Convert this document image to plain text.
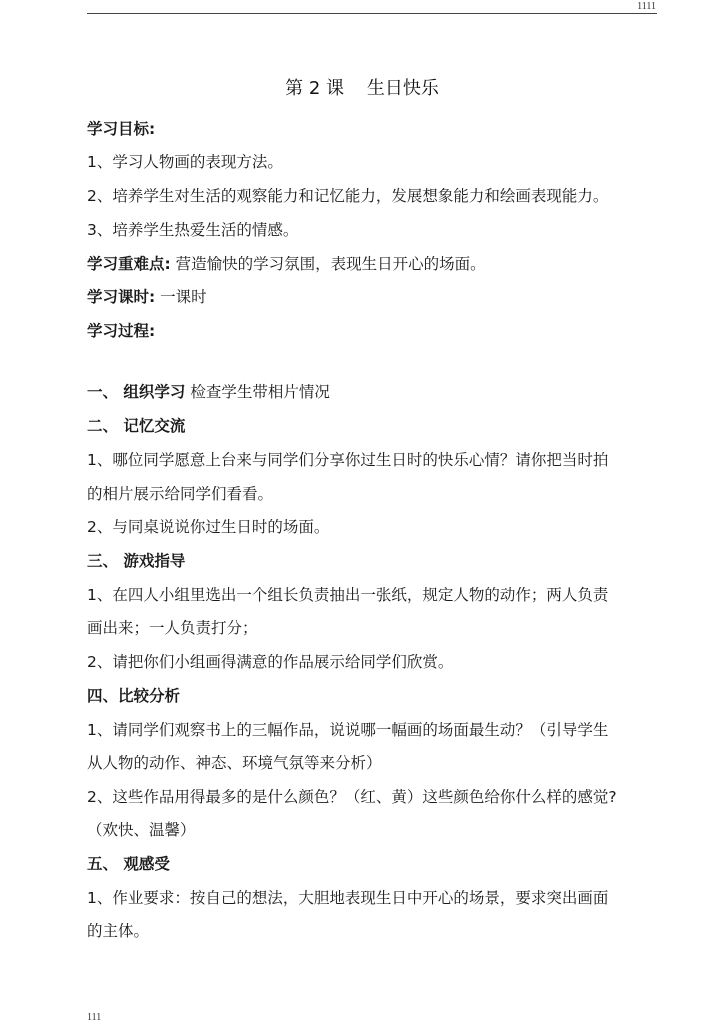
1111
第 2 课    生日快乐
学习目标:
1、学习人物画的表现方法。
2、培养学生对生活的观察能力和记忆能力，发展想象能力和绘画表现能力。
3、培养学生热爱生活的情感。
学习重难点: 营造愉快的学习氛围，表现生日开心的场面。
学习课时: 一课时
学习过程:
一、 组织学习 检查学生带相片情况
二、 记忆交流
1、哪位同学愿意上台来与同学们分享你过生日时的快乐心情？请你把当时拍
的相片展示给同学们看看。
2、与同桌说说你过生日时的场面。
三、 游戏指导
1、在四人小组里选出一个组长负责抽出一张纸，规定人物的动作；两人负责
画出来；一人负责打分；
2、请把你们小组画得满意的作品展示给同学们欣赏。
四、比较分析
1、请同学们观察书上的三幅作品，说说哪一幅画的场面最生动？（引导学生
从人物的动作、神态、环境气氛等来分析）
2、这些作品用得最多的是什么颜色？（红、黄）这些颜色给你什么样的感觉?
（欢快、温馨）
五、 观感受
1、作业要求：按自己的想法，大胆地表现生日中开心的场景，要求突出画面
的主体。
111
